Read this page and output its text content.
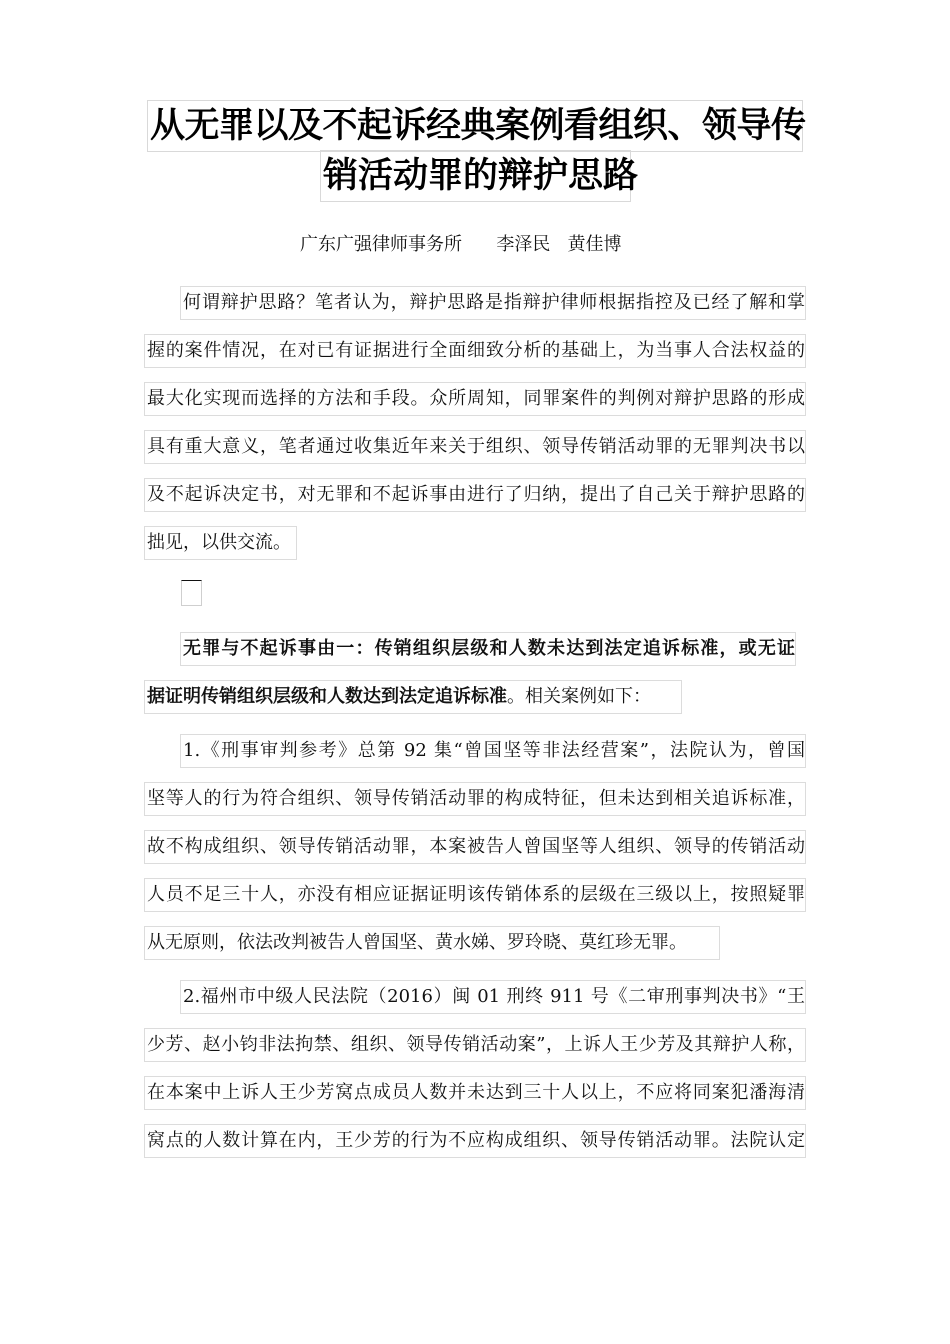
从无罪以及不起诉经典案例看组织、领导传
销活动罪的辩护思路
广东广强律师事务所      李泽民   黄佳博
何谓辩护思路？笔者认为，辩护思路是指辩护律师根据指控及已经了解和掌
握的案件情况，在对已有证据进行全面细致分析的基础上，为当事人合法权益的
最大化实现而选择的方法和手段。众所周知，同罪案件的判例对辩护思路的形成
具有重大意义，笔者通过收集近年来关于组织、领导传销活动罪的无罪判决书以
及不起诉决定书，对无罪和不起诉事由进行了归纳，提出了自己关于辩护思路的
拙见，以供交流。
无罪与不起诉事由一：传销组织层级和人数未达到法定追诉标准，或无证
据证明传销组织层级和人数达到法定追诉标准。相关案例如下：
1.《刑事审判参考》总第 92 集“曾国坚等非法经营案”，法院认为，曾国
坚等人的行为符合组织、领导传销活动罪的构成特征，但未达到相关追诉标准，
故不构成组织、领导传销活动罪，本案被告人曾国坚等人组织、领导的传销活动
人员不足三十人，亦没有相应证据证明该传销体系的层级在三级以上，按照疑罪
从无原则，依法改判被告人曾国坚、黄水娣、罗玲晓、莫红珍无罪。
2.福州市中级人民法院（2016）闽 01 刑终 911 号《二审刑事判决书》“王
少芳、赵小钧非法拘禁、组织、领导传销活动案”，上诉人王少芳及其辩护人称，
在本案中上诉人王少芳窝点成员人数并未达到三十人以上，不应将同案犯潘海清
窝点的人数计算在内，王少芳的行为不应构成组织、领导传销活动罪。法院认定
